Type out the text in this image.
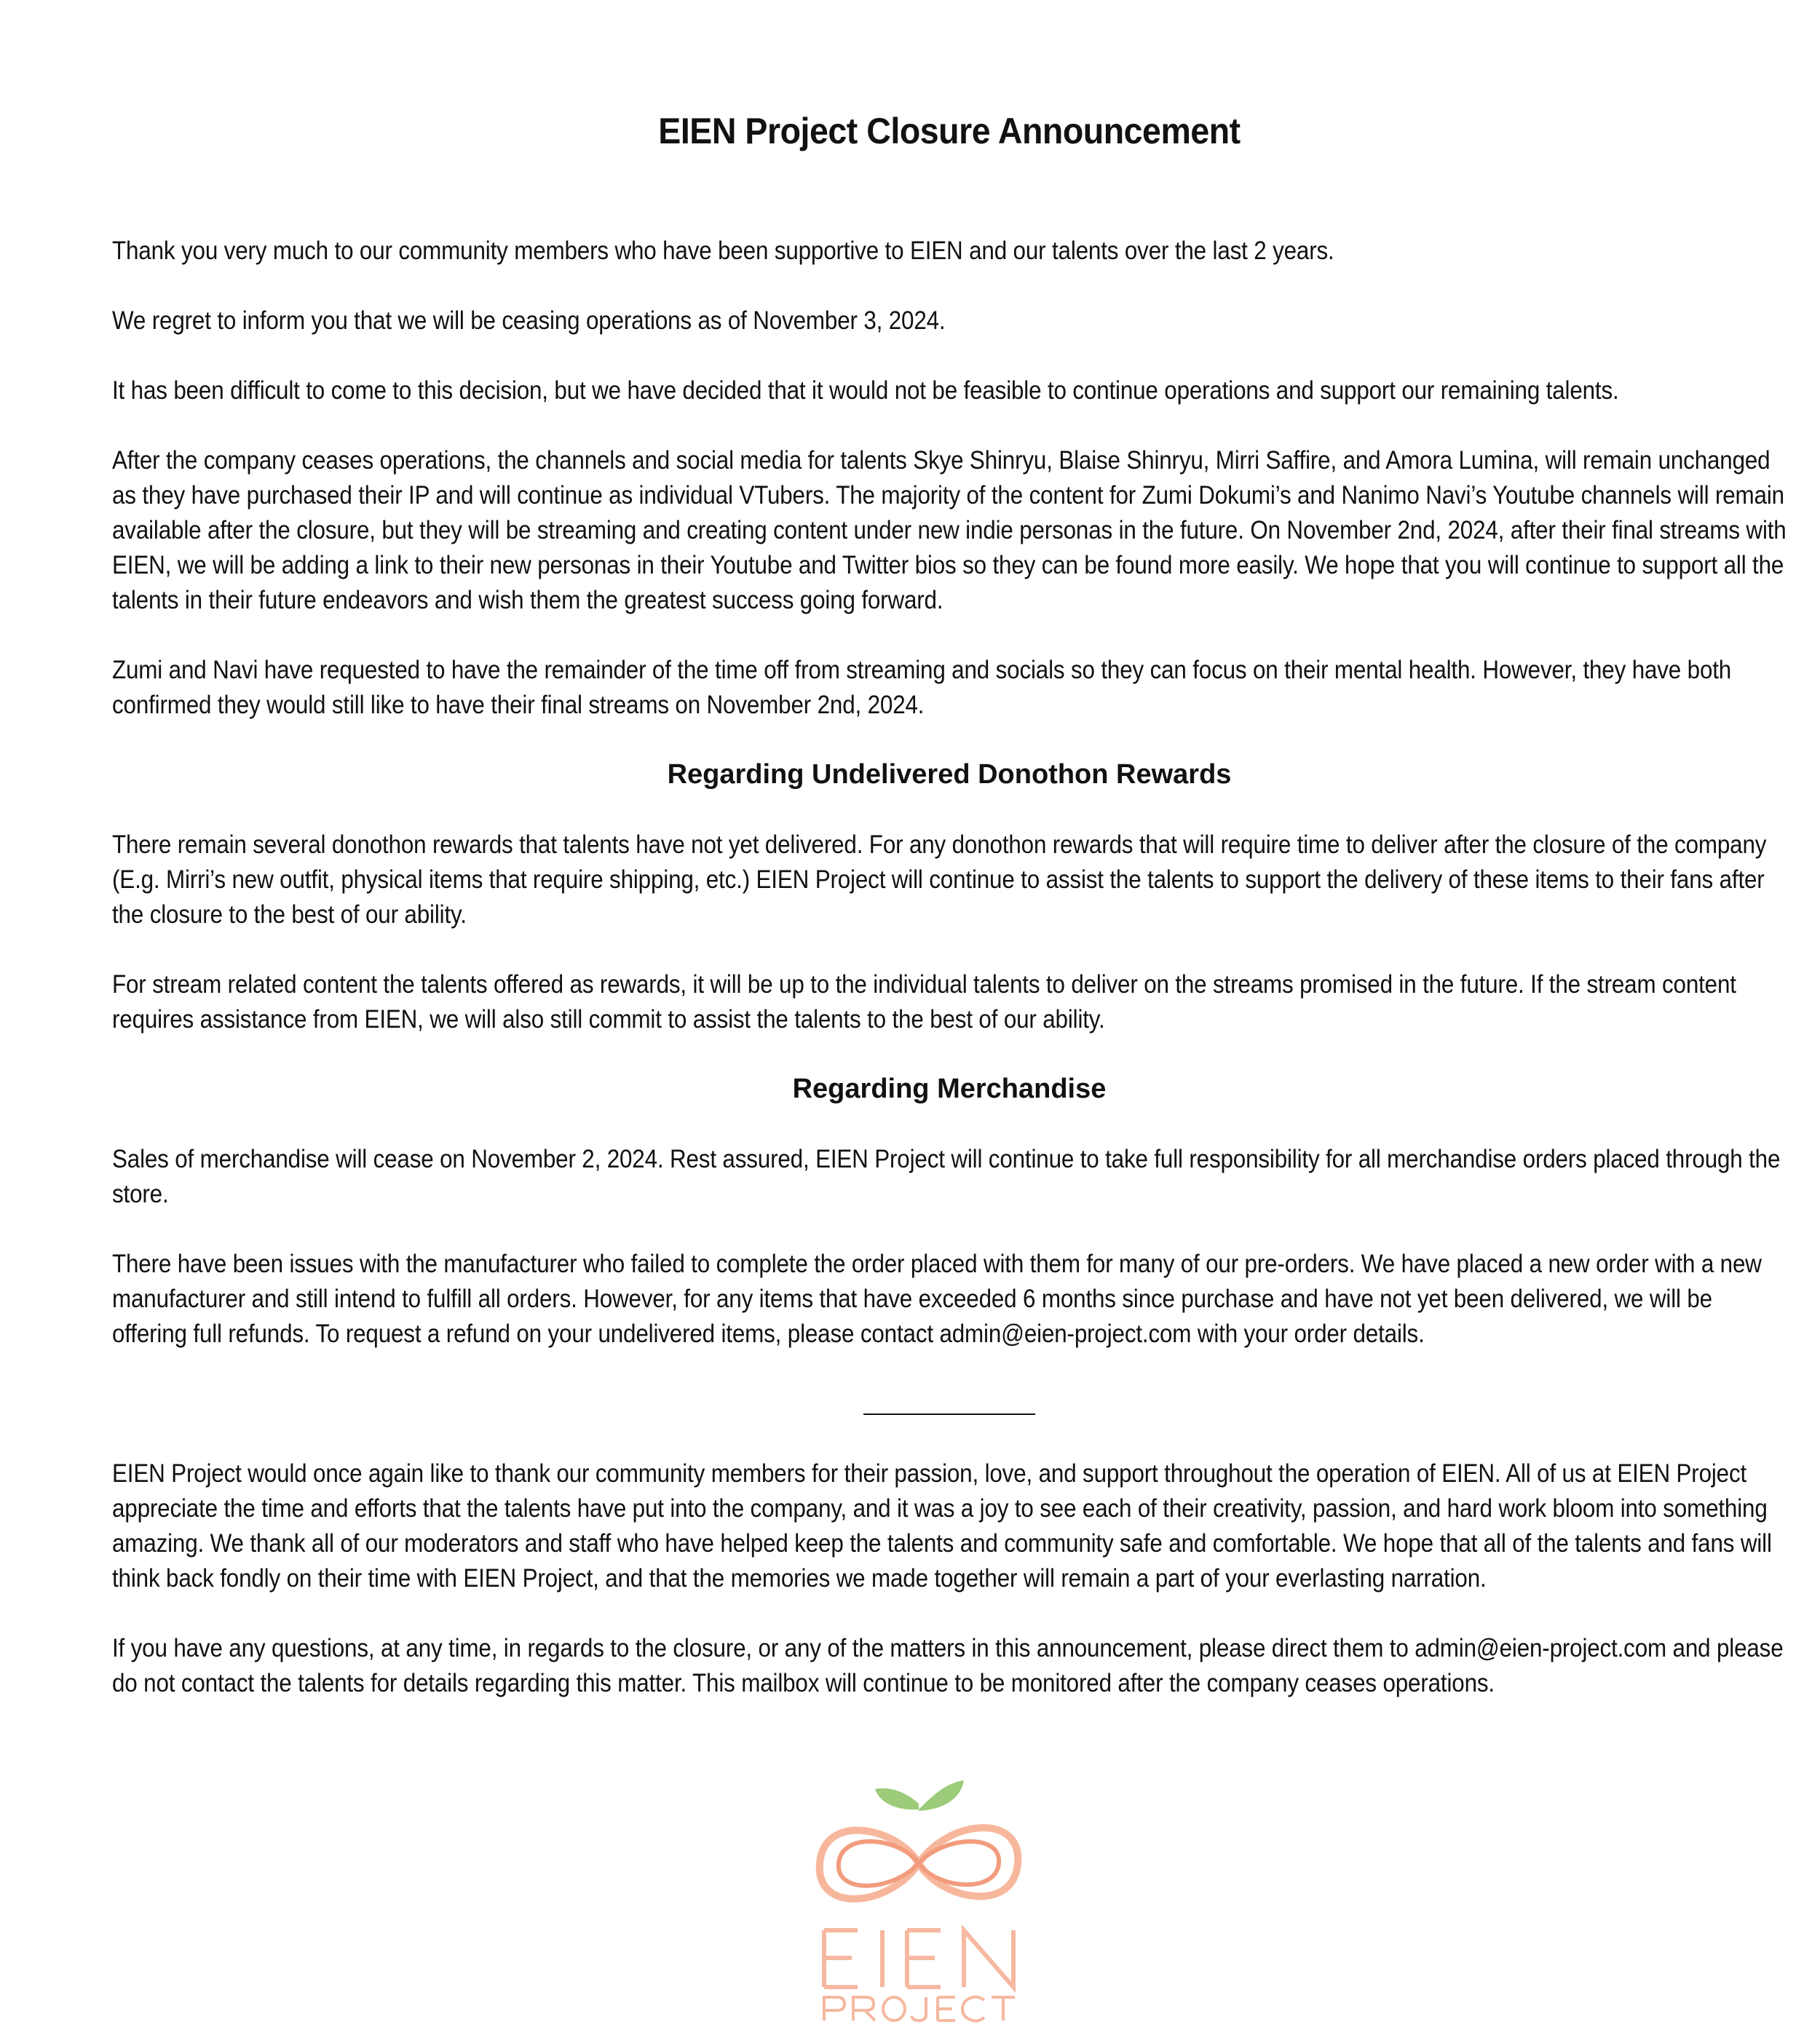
EIEN Project Closure Announcement

Thank you very much to our community members who have been supportive to EIEN and our talents over the last 2 years.

We regret to inform you that we will be ceasing operations as of November 3, 2024.

It has been difficult to come to this decision, but we have decided that it would not be feasible to continue operations and support our remaining talents.

After the company ceases operations, the channels and social media for talents Skye Shinryu, Blaise Shinryu, Mirri Saffire, and Amora Lumina, will remain unchanged as they have purchased their IP and will continue as individual VTubers. The majority of the content for Zumi Dokumi’s and Nanimo Navi’s Youtube channels will remain available after the closure, but they will be streaming and creating content under new indie personas in the future. On November 2nd, 2024, after their final streams with EIEN, we will be adding a link to their new personas in their Youtube and Twitter bios so they can be found more easily. We hope that you will continue to support all the talents in their future endeavors and wish them the greatest success going forward.

Zumi and Navi have requested to have the remainder of the time off from streaming and socials so they can focus on their mental health. However, they have both confirmed they would still like to have their final streams on November 2nd, 2024.

Regarding Undelivered Donothon Rewards

There remain several donothon rewards that talents have not yet delivered. For any donothon rewards that will require time to deliver after the closure of the company (E.g. Mirri’s new outfit, physical items that require shipping, etc.) EIEN Project will continue to assist the talents to support the delivery of these items to their fans after the closure to the best of our ability.

For stream related content the talents offered as rewards, it will be up to the individual talents to deliver on the streams promised in the future. If the stream content requires assistance from EIEN, we will also still commit to assist the talents to the best of our ability.

Regarding Merchandise

Sales of merchandise will cease on November 2, 2024. Rest assured, EIEN Project will continue to take full responsibility for all merchandise orders placed through the store.

There have been issues with the manufacturer who failed to complete the order placed with them for many of our pre-orders. We have placed a new order with a new manufacturer and still intend to fulfill all orders. However, for any items that have exceeded 6 months since purchase and have not yet been delivered, we will be offering full refunds. To request a refund on your undelivered items, please contact admin@eien-project.com with your order details.

EIEN Project would once again like to thank our community members for their passion, love, and support throughout the operation of EIEN. All of us at EIEN Project appreciate the time and efforts that the talents have put into the company, and it was a joy to see each of their creativity, passion, and hard work bloom into something amazing. We thank all of our moderators and staff who have helped keep the talents and community safe and comfortable. We hope that all of the talents and fans will think back fondly on their time with EIEN Project, and that the memories we made together will remain a part of your everlasting narration.

If you have any questions, at any time, in regards to the closure, or any of the matters in this announcement, please direct them to admin@eien-project.com and please do not contact the talents for details regarding this matter. This mailbox will continue to be monitored after the company ceases operations.
